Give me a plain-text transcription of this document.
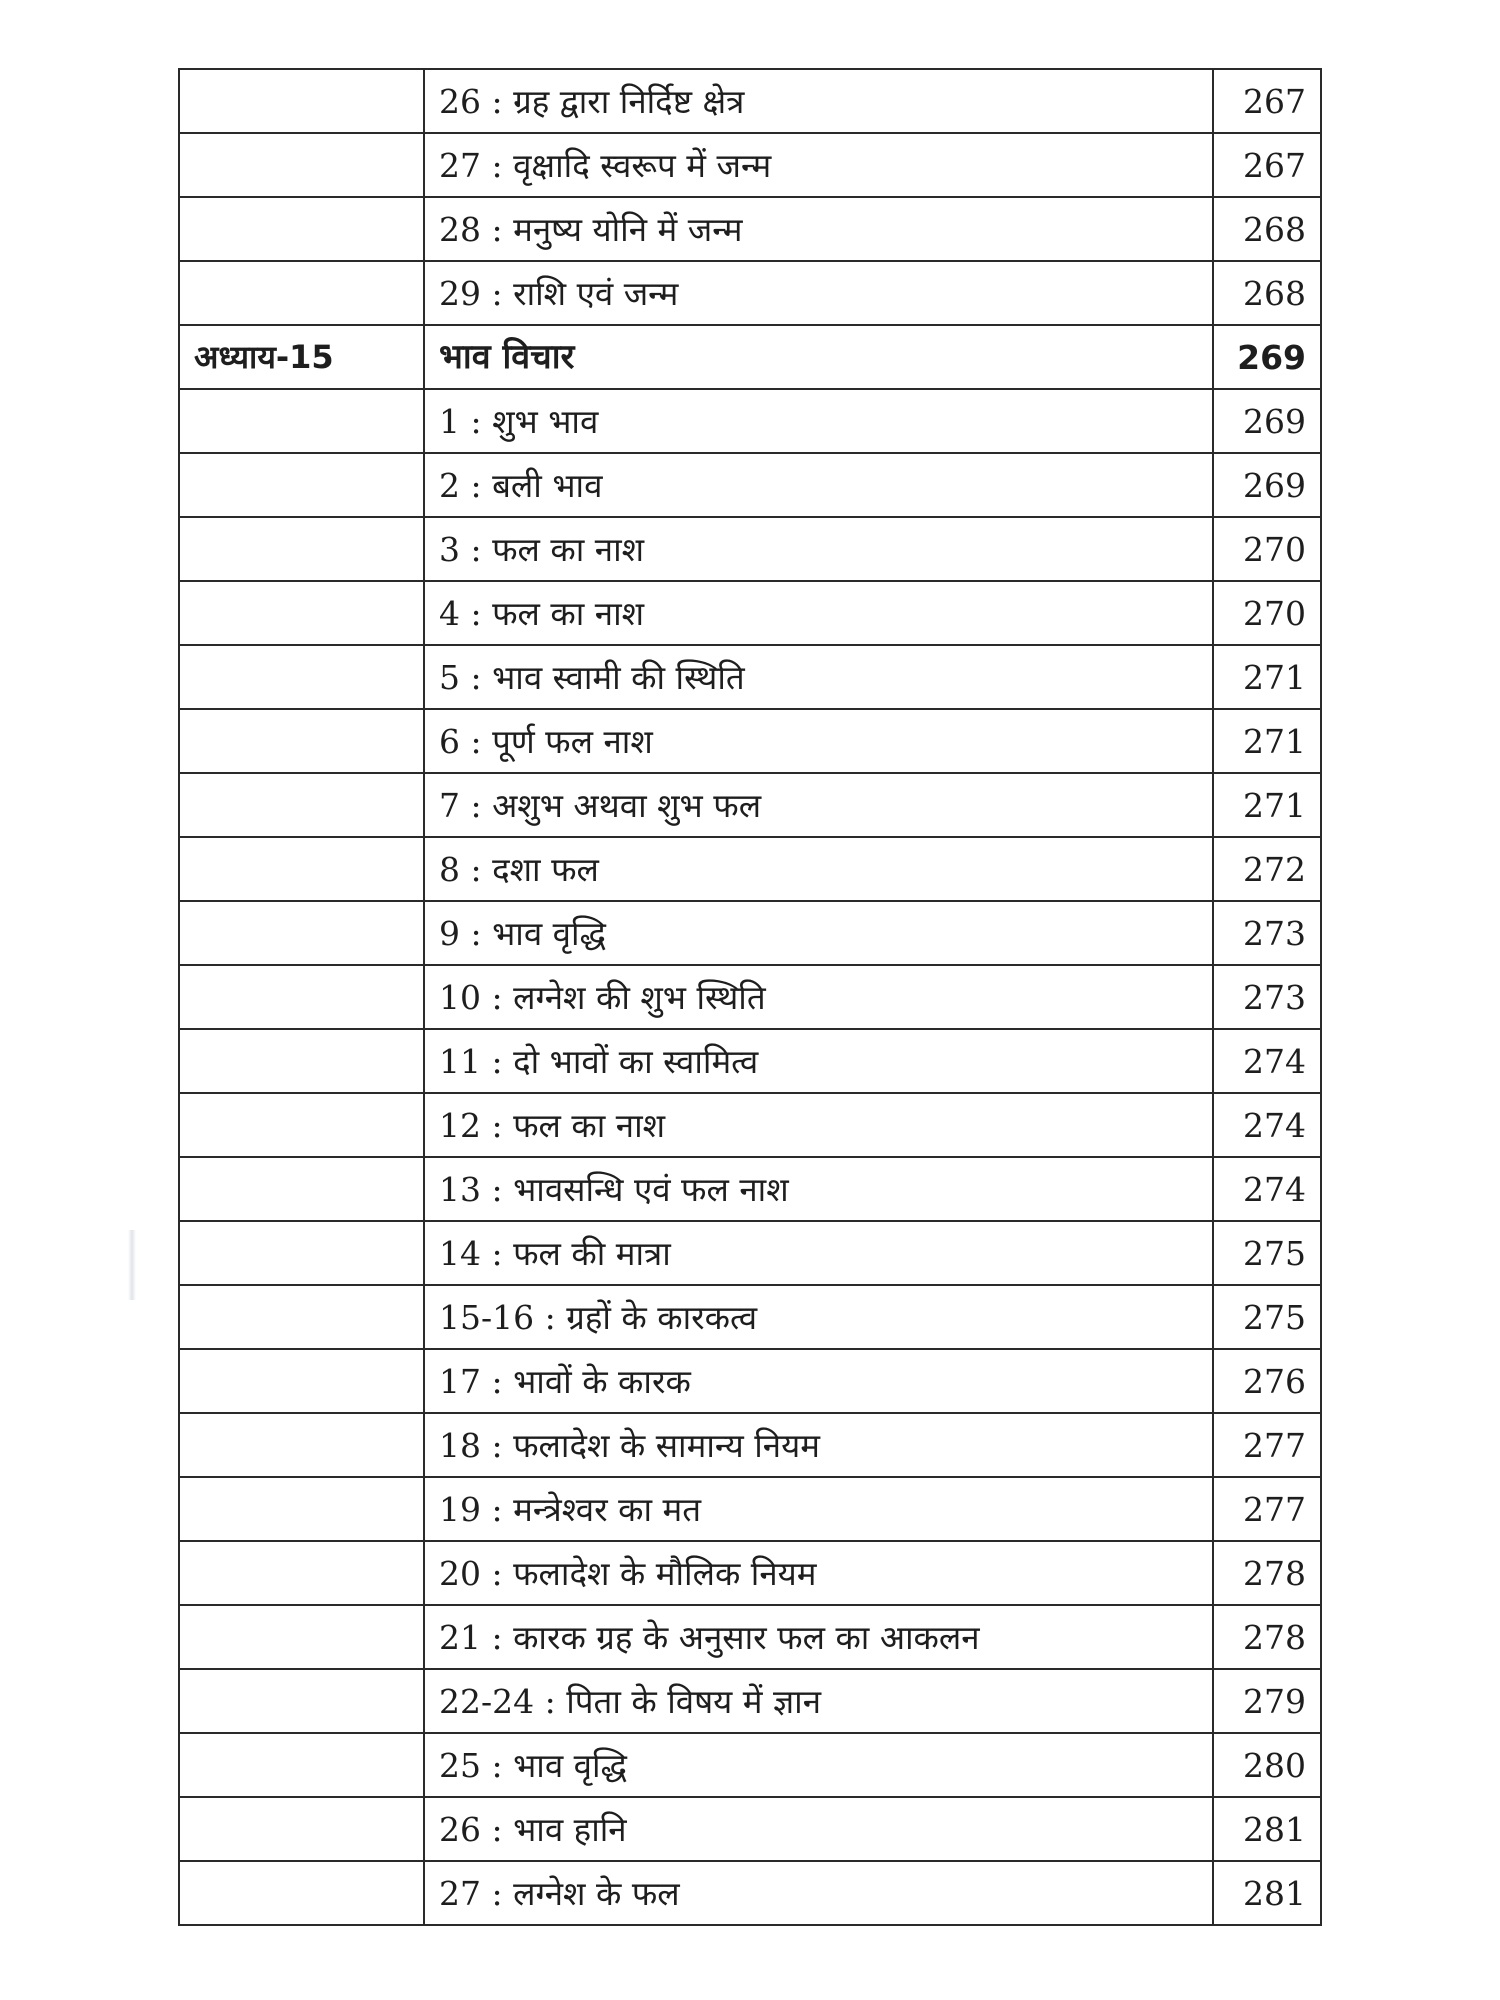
	26 : ग्रह द्वारा निर्दिष्ट क्षेत्र	267
	27 : वृक्षादि स्वरूप में जन्म	267
	28 : मनुष्य योनि में जन्म	268
	29 : राशि एवं जन्म	268
अध्याय-15	भाव विचार	269
	1 : शुभ भाव	269
	2 : बली भाव	269
	3 : फल का नाश	270
	4 : फल का नाश	270
	5 : भाव स्वामी की स्थिति	271
	6 : पूर्ण फल नाश	271
	7 : अशुभ अथवा शुभ फल	271
	8 : दशा फल	272
	9 : भाव वृद्धि	273
	10 : लग्नेश की शुभ स्थिति	273
	11 : दो भावों का स्वामित्व	274
	12 : फल का नाश	274
	13 : भावसन्धि एवं फल नाश	274
	14 : फल की मात्रा	275
	15-16 : ग्रहों के कारकत्व	275
	17 : भावों के कारक	276
	18 : फलादेश के सामान्य नियम	277
	19 : मन्त्रेश्वर का मत	277
	20 : फलादेश के मौलिक नियम	278
	21 : कारक ग्रह के अनुसार फल का आकलन	278
	22-24 : पिता के विषय में ज्ञान	279
	25 : भाव वृद्धि	280
	26 : भाव हानि	281
	27 : लग्नेश के फल	281
